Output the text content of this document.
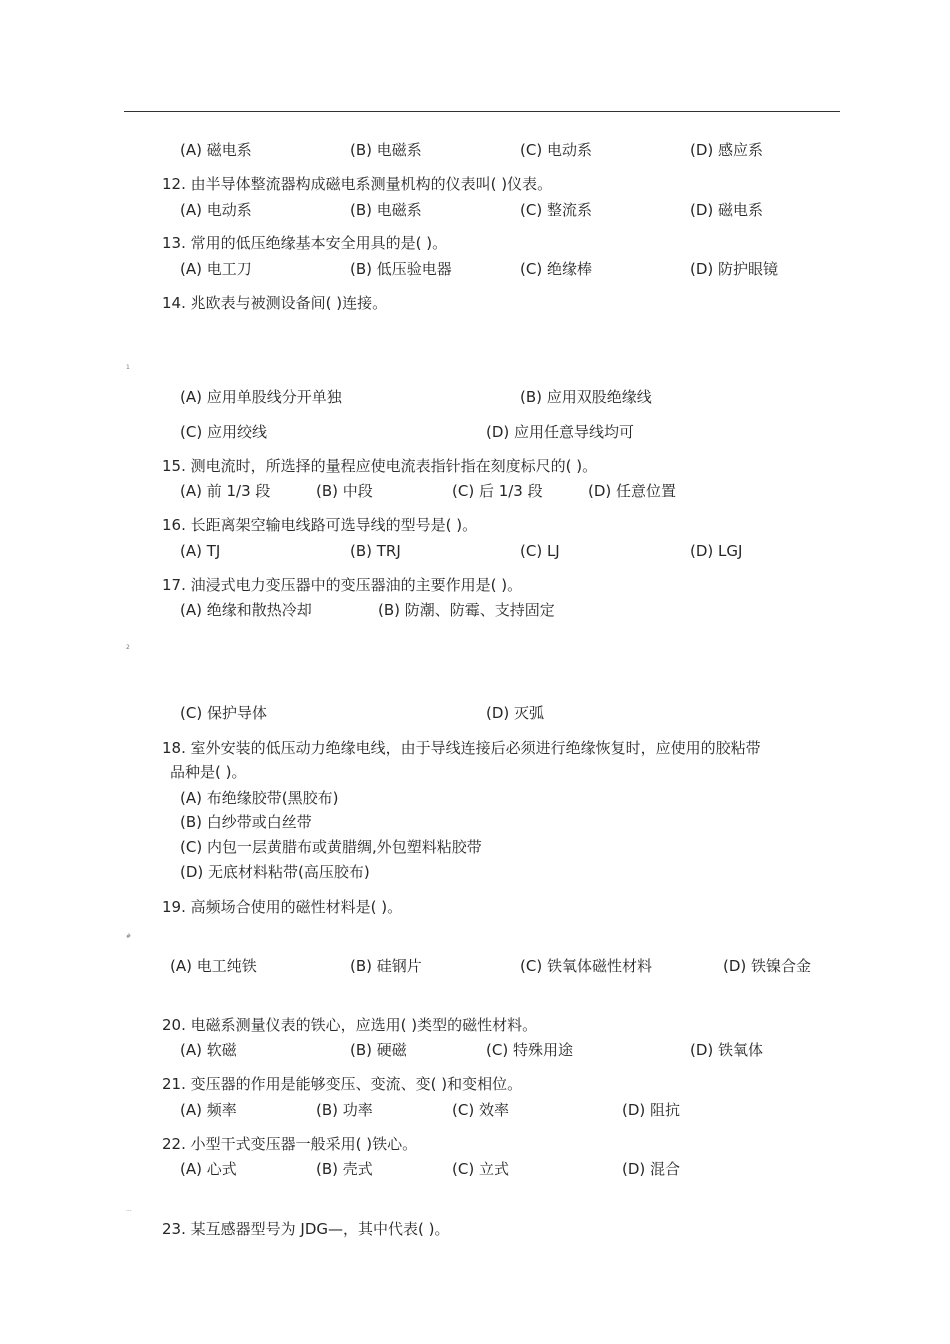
(A) 磁电系	(B) 电磁系	(C) 电动系	(D) 感应系
12. 由半导体整流器构成磁电系测量机构的仪表叫( )仪表。
(A) 电动系	(B) 电磁系	(C) 整流系	(D) 磁电系
13. 常用的低压绝缘基本安全用具的是( )。
(A) 电工刀	(B) 低压验电器	(C) 绝缘棒	(D) 防护眼镜
14. 兆欧表与被测设备间( )连接。
1
(A) 应用单股线分开单独	(B) 应用双股绝缘线
(C) 应用绞线	(D) 应用任意导线均可
15. 测电流时，所选择的量程应使电流表指针指在刻度标尺的( )。
(A) 前 1/3 段	(B) 中段	(C) 后 1/3 段	(D) 任意位置
16. 长距离架空输电线路可选导线的型号是( )。
(A) TJ	(B) TRJ	(C) LJ	(D) LGJ
17. 油浸式电力变压器中的变压器油的主要作用是( )。
(A) 绝缘和散热冷却	(B) 防潮、防霉、支持固定
2
(C) 保护导体	(D) 灭弧
18. 室外安装的低压动力绝缘电线，由于导线连接后必须进行绝缘恢复时，应使用的胶粘带
品种是( )。
(A) 布绝缘胶带(黑胶布)
(B) 白纱带或白丝带
(C) 内包一层黄腊布或黄腊绸,外包塑料粘胶带
(D) 无底材料粘带(高压胶布)
19. 高频场合使用的磁性材料是( )。
#
(A) 电工纯铁	(B) 硅钢片	(C) 铁氧体磁性材料	(D) 铁镍合金
20. 电磁系测量仪表的铁心，应选用( )类型的磁性材料。
(A) 软磁	(B) 硬磁	(C) 特殊用途	(D) 铁氧体
21. 变压器的作用是能够变压、变流、变( )和变相位。
(A) 频率	(B) 功率	(C) 效率	(D) 阻抗
22. 小型干式变压器一般采用( )铁心。
(A) 心式	(B) 壳式	(C) 立式	(D) 混合
...
23. 某互感器型号为 JDG—，其中代表( )。
